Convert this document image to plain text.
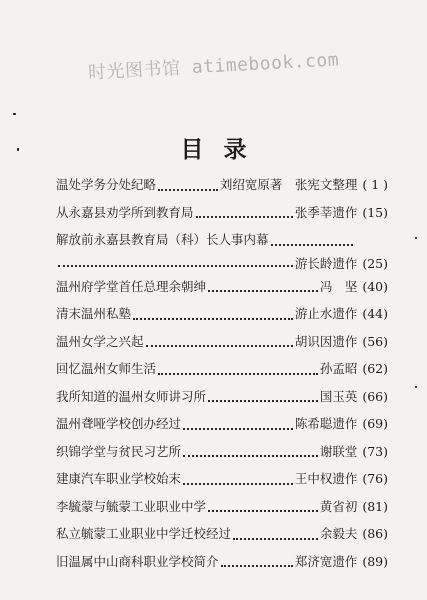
时光图书馆 atimebook.com
目录
温处学务分处纪略	刘绍宽原著　张宪文整理 ( 1 )
从永嘉县劝学所到教育局	张季莘遗作 (15)
解放前永嘉县教育局（科）长人事内幕
游长龄遗作 (25)
温州府学堂首任总理余朝绅	冯　坚 (40)
清末温州私塾	游止水遗作 (44)
温州女学之兴起	胡识因遗作 (56)
回忆温州女师生活	孙孟昭 (62)
我所知道的温州女师讲习所	国玉英 (66)
温州聋哑学校创办经过	陈希聪遗作 (69)
织锦学堂与贫民习艺所	谢联堂 (73)
建康汽车职业学校始末	王中权遗作 (76)
李毓蒙与毓蒙工业职业中学	黄省初 (81)
私立毓蒙工业职业中学迁校经过	余毅夫 (86)
旧温属中山商科职业学校简介	郑济宽遗作 (89)
